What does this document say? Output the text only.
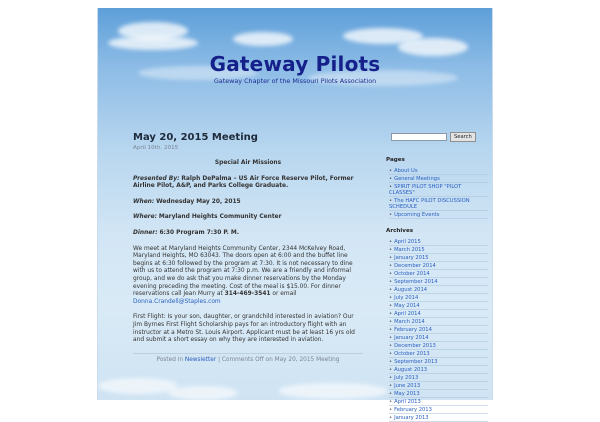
Gateway Pilots
Gateway Chapter of the Missouri Pilots Association
May 20, 2015 Meeting
April 10th, 2015
Special Air Missions
Presented By: Ralph DePalma – US Air Force Reserve Pilot, Former Airline Pilot, A&P, and Parks College Graduate.
When: Wednesday May 20, 2015
Where: Maryland Heights Community Center
Dinner: 6:30 Program 7:30 P. M.
We meet at Maryland Heights Community Center, 2344 McKelvey Road, Maryland Heights, MO 63043. The doors open at 6:00 and the buffet line begins at 6:30 followed by the program at 7:30. It is not necessary to dine with us to attend the program at 7:30 p.m. We are a friendly and informal group, and we do ask that you make dinner reservations by the Monday evening preceding the meeting. Cost of the meal is $15.00. For dinner reservations call Jean Murry at 314-469-3541 or email Donna.Crandell@Staples.com
First Flight: Is your son, daughter, or grandchild interested in aviation? Our Jim Byrnes First Flight Scholarship pays for an introductory flight with an instructor at a Metro St. Louis Airport. Applicant must be at least 16 yrs old and submit a short essay on why they are interested in aviation.
Posted in Newsletter | Comments Off on May 20, 2015 Meeting
Search
Pages
• About Us
• General Meetings
• SPIRIT PILOT SHOP "PILOT CLASSES"
• The HAFC PILOT DISCUSSION SCHEDULE
• Upcoming Events
Archives
• April 2015
• March 2015
• January 2015
• December 2014
• October 2014
• September 2014
• August 2014
• July 2014
• May 2014
• April 2014
• March 2014
• February 2014
• January 2014
• December 2013
• October 2013
• September 2013
• August 2013
• July 2013
• June 2013
• May 2013
• April 2013
• February 2013
• January 2013
